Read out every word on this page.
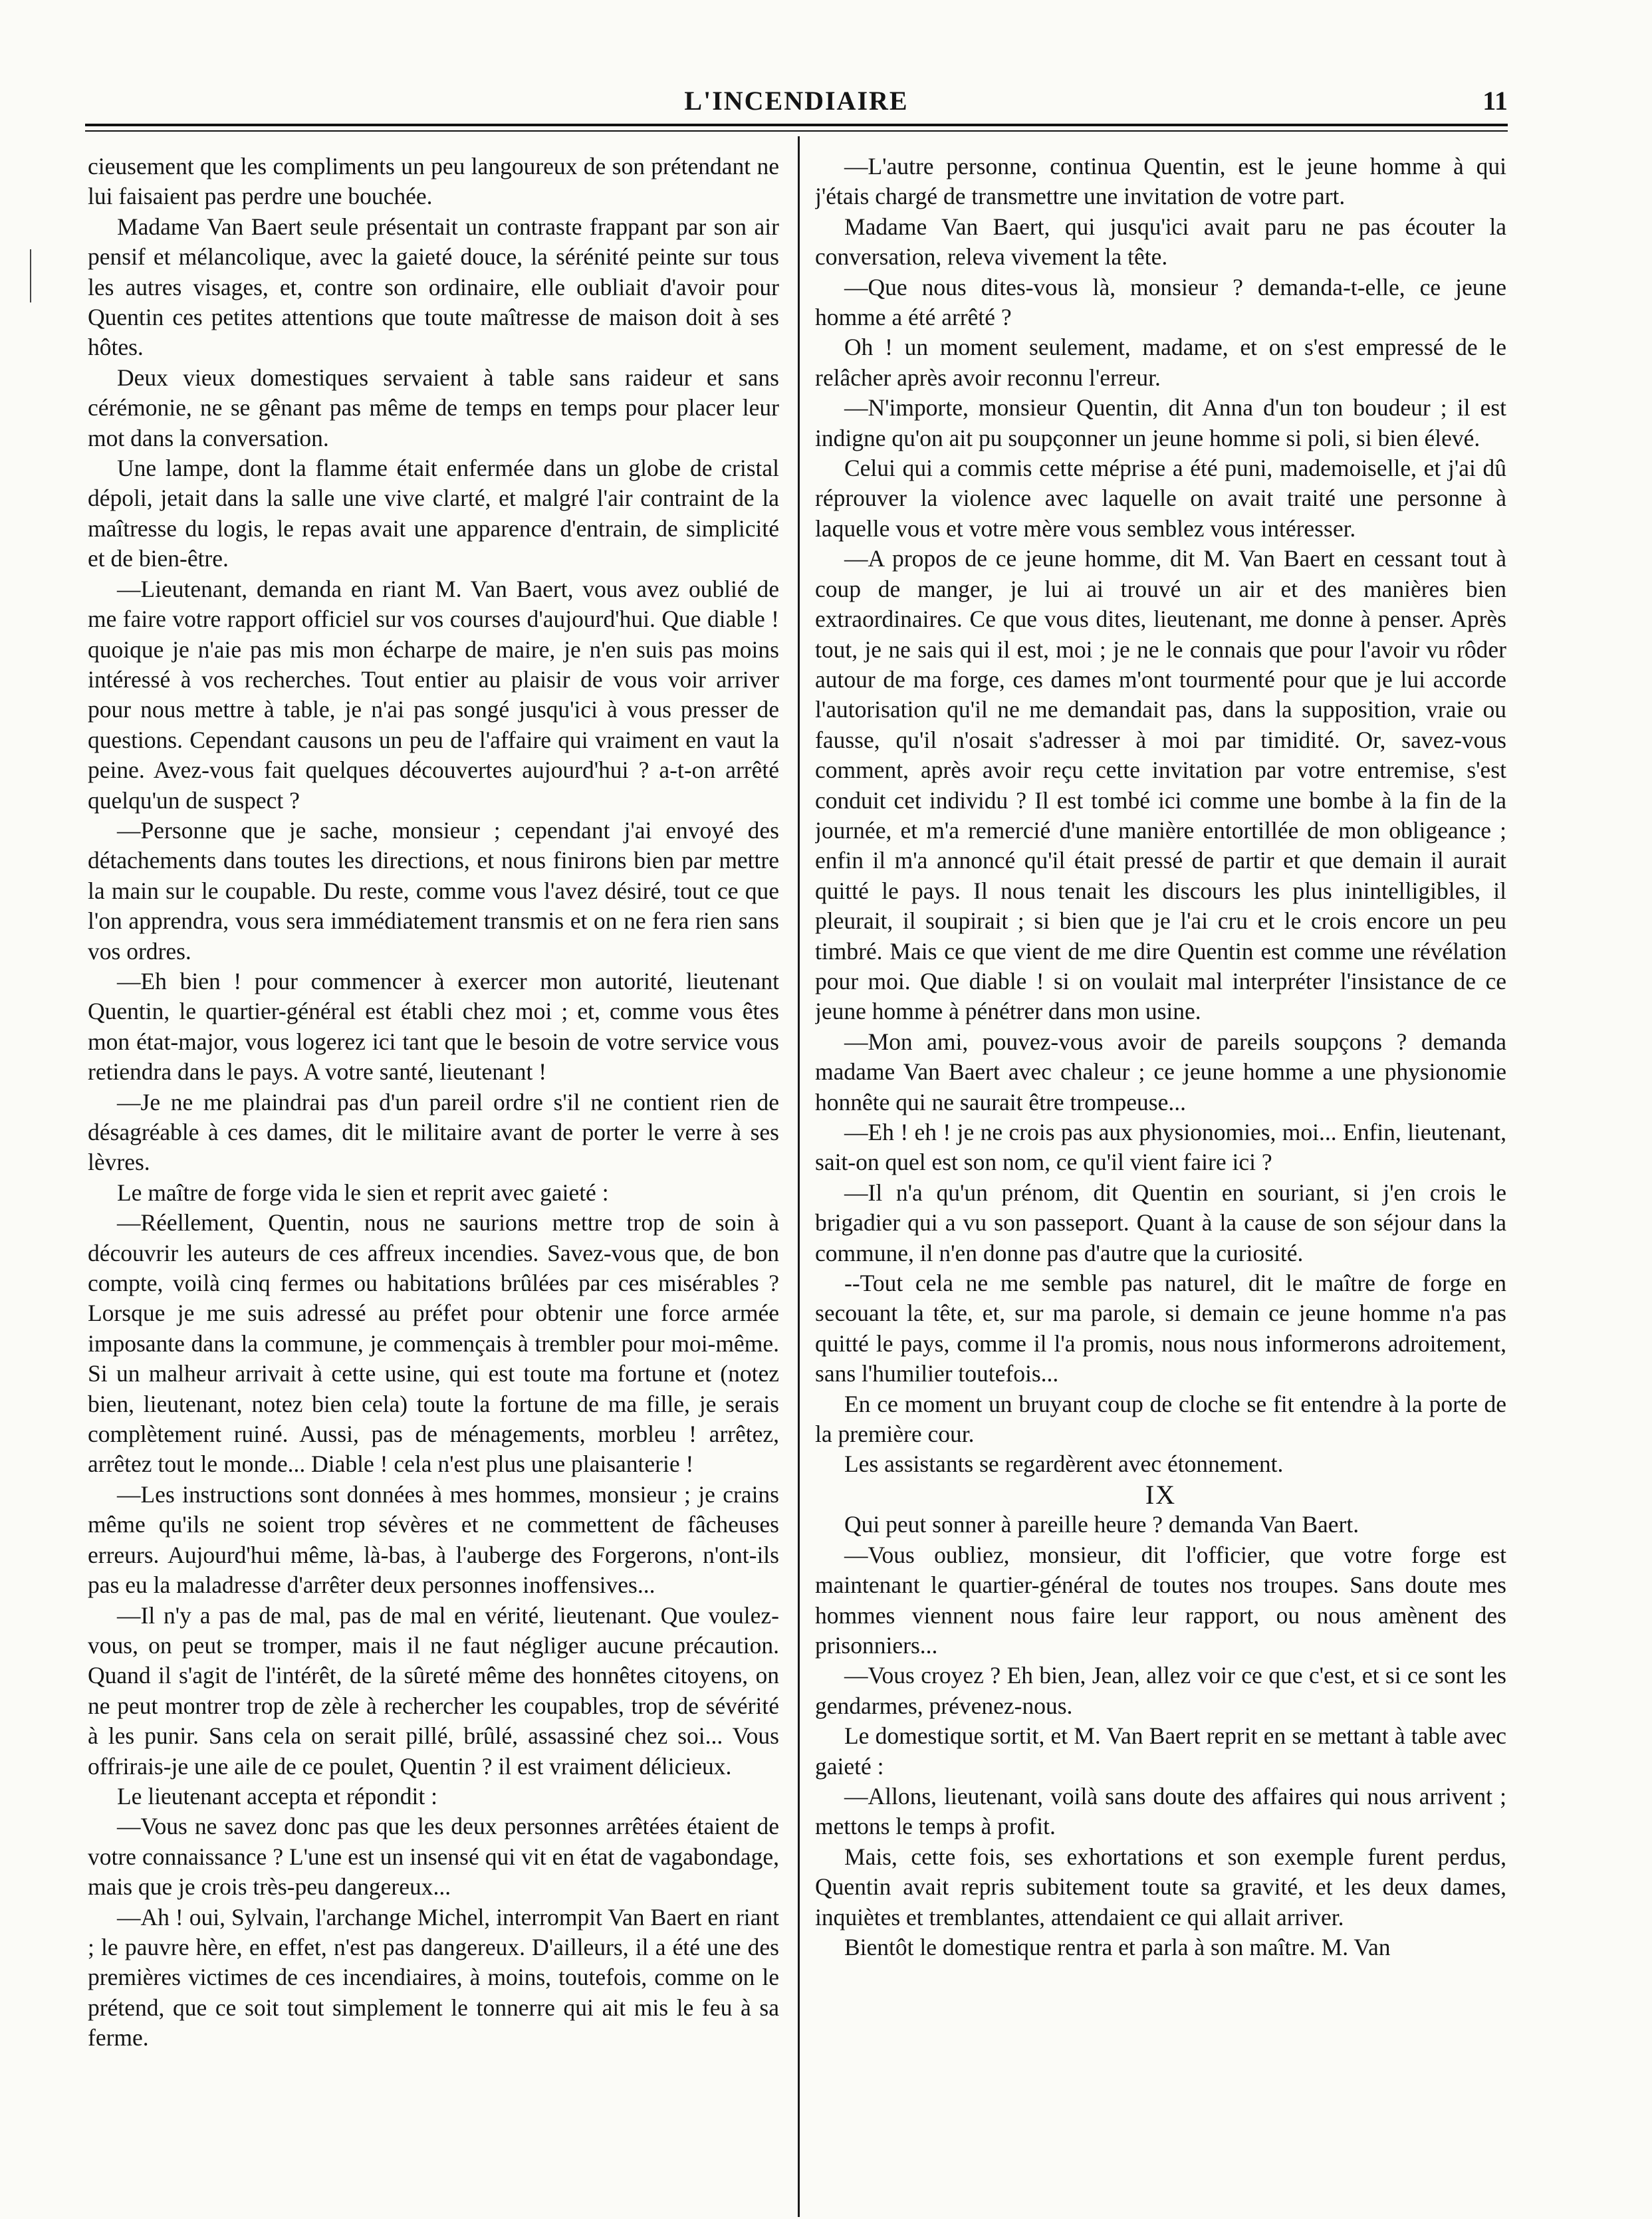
L'INCENDIAIRE	11

cieusement que les compliments un peu langoureux de son prétendant ne lui faisaient pas perdre une bouchée.

Madame Van Baert seule présentait un contraste frappant par son air pensif et mélancolique, avec la gaieté douce, la sérénité peinte sur tous les autres visages, et, contre son ordinaire, elle oubliait d'avoir pour Quentin ces petites attentions que toute maîtresse de maison doit à ses hôtes.

Deux vieux domestiques servaient à table sans raideur et sans cérémonie, ne se gênant pas même de temps en temps pour placer leur mot dans la conversation.

Une lampe, dont la flamme était enfermée dans un globe de cristal dépoli, jetait dans la salle une vive clarté, et malgré l'air contraint de la maîtresse du logis, le repas avait une apparence d'entrain, de simplicité et de bien-être.

—Lieutenant, demanda en riant M. Van Baert, vous avez oublié de me faire votre rapport officiel sur vos courses d'aujourd'hui. Que diable ! quoique je n'aie pas mis mon écharpe de maire, je n'en suis pas moins intéressé à vos recherches. Tout entier au plaisir de vous voir arriver pour nous mettre à table, je n'ai pas songé jusqu'ici à vous presser de questions. Cependant causons un peu de l'affaire qui vraiment en vaut la peine. Avez-vous fait quelques découvertes aujourd'hui ? a-t-on arrêté quelqu'un de suspect ?

—Personne que je sache, monsieur ; cependant j'ai envoyé des détachements dans toutes les directions, et nous finirons bien par mettre la main sur le coupable. Du reste, comme vous l'avez désiré, tout ce que l'on apprendra, vous sera immédiatement transmis et on ne fera rien sans vos ordres.

—Eh bien ! pour commencer à exercer mon autorité, lieutenant Quentin, le quartier-général est établi chez moi ; et, comme vous êtes mon état-major, vous logerez ici tant que le besoin de votre service vous retiendra dans le pays. A votre santé, lieutenant !

—Je ne me plaindrai pas d'un pareil ordre s'il ne contient rien de désagréable à ces dames, dit le militaire avant de porter le verre à ses lèvres.

Le maître de forge vida le sien et reprit avec gaieté :

—Réellement, Quentin, nous ne saurions mettre trop de soin à découvrir les auteurs de ces affreux incendies. Savez-vous que, de bon compte, voilà cinq fermes ou habitations brûlées par ces misérables ? Lorsque je me suis adressé au préfet pour obtenir une force armée imposante dans la commune, je commençais à trembler pour moi-même. Si un malheur arrivait à cette usine, qui est toute ma fortune et (notez bien, lieutenant, notez bien cela) toute la fortune de ma fille, je serais complètement ruiné. Aussi, pas de ménagements, morbleu ! arrêtez, arrêtez tout le monde... Diable ! cela n'est plus une plaisanterie !

—Les instructions sont données à mes hommes, monsieur ; je crains même qu'ils ne soient trop sévères et ne commettent de fâcheuses erreurs. Aujourd'hui même, là-bas, à l'auberge des Forgerons, n'ont-ils pas eu la maladresse d'arrêter deux personnes inoffensives...

—Il n'y a pas de mal, pas de mal en vérité, lieutenant. Que voulez-vous, on peut se tromper, mais il ne faut négliger aucune précaution. Quand il s'agit de l'intérêt, de la sûreté même des honnêtes citoyens, on ne peut montrer trop de zèle à rechercher les coupables, trop de sévérité à les punir. Sans cela on serait pillé, brûlé, assassiné chez soi... Vous offrirais-je une aile de ce poulet, Quentin ? il est vraiment délicieux.

Le lieutenant accepta et répondit :

—Vous ne savez donc pas que les deux personnes arrêtées étaient de votre connaissance ? L'une est un insensé qui vit en état de vagabondage, mais que je crois très-peu dangereux...

—Ah ! oui, Sylvain, l'archange Michel, interrompit Van Baert en riant ; le pauvre hère, en effet, n'est pas dangereux. D'ailleurs, il a été une des premières victimes de ces incendiaires, à moins, toutefois, comme on le prétend, que ce soit tout simplement le tonnerre qui ait mis le feu à sa ferme.

—L'autre personne, continua Quentin, est le jeune homme à qui j'étais chargé de transmettre une invitation de votre part.

Madame Van Baert, qui jusqu'ici avait paru ne pas écouter la conversation, releva vivement la tête.

—Que nous dites-vous là, monsieur ? demanda-t-elle, ce jeune homme a été arrêté ?

Oh ! un moment seulement, madame, et on s'est empressé de le relâcher après avoir reconnu l'erreur.

—N'importe, monsieur Quentin, dit Anna d'un ton boudeur ; il est indigne qu'on ait pu soupçonner un jeune homme si poli, si bien élevé.

Celui qui a commis cette méprise a été puni, mademoiselle, et j'ai dû réprouver la violence avec laquelle on avait traité une personne à laquelle vous et votre mère vous semblez vous intéresser.

—A propos de ce jeune homme, dit M. Van Baert en cessant tout à coup de manger, je lui ai trouvé un air et des manières bien extraordinaires. Ce que vous dites, lieutenant, me donne à penser. Après tout, je ne sais qui il est, moi ; je ne le connais que pour l'avoir vu rôder autour de ma forge, ces dames m'ont tourmenté pour que je lui accorde l'autorisation qu'il ne me demandait pas, dans la supposition, vraie ou fausse, qu'il n'osait s'adresser à moi par timidité. Or, savez-vous comment, après avoir reçu cette invitation par votre entremise, s'est conduit cet individu ? Il est tombé ici comme une bombe à la fin de la journée, et m'a remercié d'une manière entortillée de mon obligeance ; enfin il m'a annoncé qu'il était pressé de partir et que demain il aurait quitté le pays. Il nous tenait les discours les plus inintelligibles, il pleurait, il soupirait ; si bien que je l'ai cru et le crois encore un peu timbré. Mais ce que vient de me dire Quentin est comme une révélation pour moi. Que diable ! si on voulait mal interpréter l'insistance de ce jeune homme à pénétrer dans mon usine.

—Mon ami, pouvez-vous avoir de pareils soupçons ? demanda madame Van Baert avec chaleur ; ce jeune homme a une physionomie honnête qui ne saurait être trompeuse...

—Eh ! eh ! je ne crois pas aux physionomies, moi... Enfin, lieutenant, sait-on quel est son nom, ce qu'il vient faire ici ?

—Il n'a qu'un prénom, dit Quentin en souriant, si j'en crois le brigadier qui a vu son passeport. Quant à la cause de son séjour dans la commune, il n'en donne pas d'autre que la curiosité.

--Tout cela ne me semble pas naturel, dit le maître de forge en secouant la tête, et, sur ma parole, si demain ce jeune homme n'a pas quitté le pays, comme il l'a promis, nous nous informerons adroitement, sans l'humilier toutefois...

En ce moment un bruyant coup de cloche se fit entendre à la porte de la première cour.

Les assistants se regardèrent avec étonnement.

IX

Qui peut sonner à pareille heure ? demanda Van Baert.

—Vous oubliez, monsieur, dit l'officier, que votre forge est maintenant le quartier-général de toutes nos troupes. Sans doute mes hommes viennent nous faire leur rapport, ou nous amènent des prisonniers...

—Vous croyez ? Eh bien, Jean, allez voir ce que c'est, et si ce sont les gendarmes, prévenez-nous.

Le domestique sortit, et M. Van Baert reprit en se mettant à table avec gaieté :

—Allons, lieutenant, voilà sans doute des affaires qui nous arrivent ; mettons le temps à profit.

Mais, cette fois, ses exhortations et son exemple furent perdus, Quentin avait repris subitement toute sa gravité, et les deux dames, inquiètes et tremblantes, attendaient ce qui allait arriver.

Bientôt le domestique rentra et parla à son maître. M. Van
